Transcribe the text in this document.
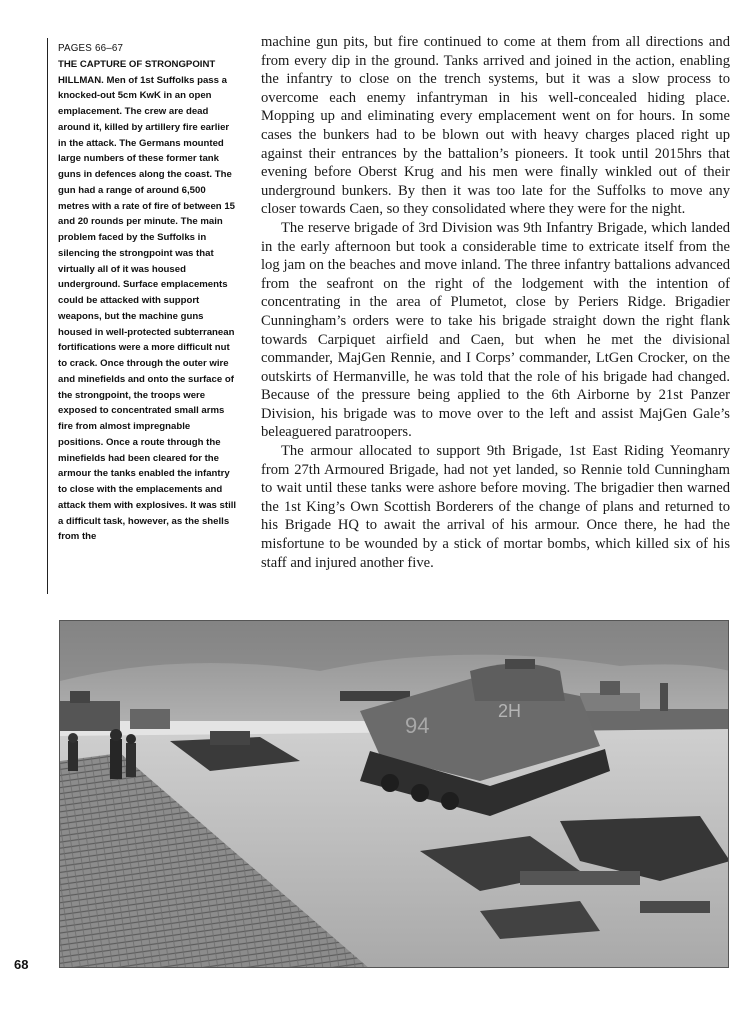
PAGES 66–67
THE CAPTURE OF STRONGPOINT HILLMAN. Men of 1st Suffolks pass a knocked-out 5cm KwK in an open emplacement. The crew are dead around it, killed by artillery fire earlier in the attack. The Germans mounted large numbers of these former tank guns in defences along the coast. The gun had a range of around 6,500 metres with a rate of fire of between 15 and 20 rounds per minute. The main problem faced by the Suffolks in silencing the strongpoint was that virtually all of it was housed underground. Surface emplacements could be attacked with support weapons, but the machine guns housed in well-protected subterranean fortifications were a more difficult nut to crack. Once through the outer wire and minefields and onto the surface of the strongpoint, the troops were exposed to concentrated small arms fire from almost impregnable positions. Once a route through the minefields had been cleared for the armour the tanks enabled the infantry to close with the emplacements and attack them with explosives. It was still a difficult task, however, as the shells from the

machine gun pits, but fire continued to come at them from all directions and from every dip in the ground. Tanks arrived and joined in the action, enabling the infantry to close on the trench systems, but it was a slow process to overcome each enemy infantryman in his well-concealed hiding place. Mopping up and eliminating every emplacement went on for hours. In some cases the bunkers had to be blown out with heavy charges placed right up against their entrances by the battalion’s pioneers. It took until 2015hrs that evening before Oberst Krug and his men were finally winkled out of their underground bunkers. By then it was too late for the Suffolks to move any closer towards Caen, so they consolidated where they were for the night.

The reserve brigade of 3rd Division was 9th Infantry Brigade, which landed in the early afternoon but took a considerable time to extricate itself from the log jam on the beaches and move inland. The three infantry battalions advanced from the seafront on the right of the lodgement with the intention of concentrating in the area of Plumetot, close by Periers Ridge. Brigadier Cunningham’s orders were to take his brigade straight down the right flank towards Carpiquet airfield and Caen, but when he met the divisional commander, MajGen Rennie, and I Corps’ commander, LtGen Crocker, on the outskirts of Hermanville, he was told that the role of his brigade had changed. Because of the pressure being applied to the 6th Airborne by 21st Panzer Division, his brigade was to move over to the left and assist MajGen Gale’s beleaguered paratroopers.

The armour allocated to support 9th Brigade, 1st East Riding Yeomanry from 27th Armoured Brigade, had not yet landed, so Rennie told Cunningham to wait until these tanks were ashore before moving. The brigadier then warned the 1st King’s Own Scottish Borderers of the change of plans and returned to his Brigade HQ to await the arrival of his armour. Once there, he had the misfortune to be wounded by a stick of mortar bombs, which killed six of his staff and injured another five.

94
2H
68
